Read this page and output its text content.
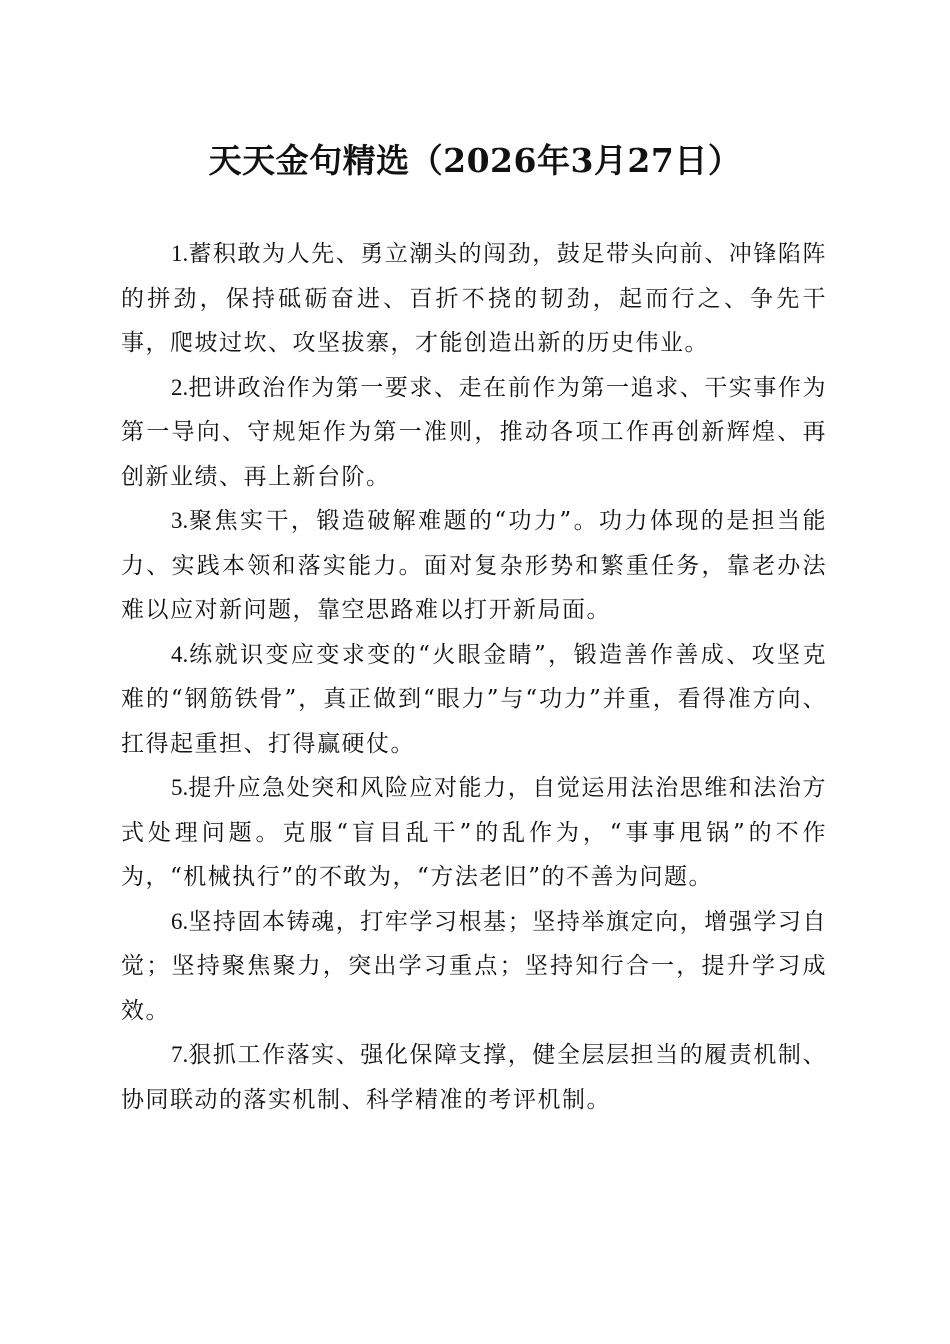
天天金句精选（2026年3月27日）

1.蓄积敢为人先、勇立潮头的闯劲，鼓足带头向前、冲锋陷阵的拼劲，保持砥砺奋进、百折不挠的韧劲，起而行之、争先干事，爬坡过坎、攻坚拔寨，才能创造出新的历史伟业。

2.把讲政治作为第一要求、走在前作为第一追求、干实事作为第一导向、守规矩作为第一准则，推动各项工作再创新辉煌、再创新业绩、再上新台阶。

3.聚焦实干，锻造破解难题的“功力”。功力体现的是担当能力、实践本领和落实能力。面对复杂形势和繁重任务，靠老办法难以应对新问题，靠空思路难以打开新局面。

4.练就识变应变求变的“火眼金睛”，锻造善作善成、攻坚克难的“钢筋铁骨”，真正做到“眼力”与“功力”并重，看得准方向、扛得起重担、打得赢硬仗。

5.提升应急处突和风险应对能力，自觉运用法治思维和法治方式处理问题。克服“盲目乱干”的乱作为，“事事甩锅”的不作为，“机械执行”的不敢为，“方法老旧”的不善为问题。

6.坚持固本铸魂，打牢学习根基；坚持举旗定向，增强学习自觉；坚持聚焦聚力，突出学习重点；坚持知行合一，提升学习成效。

7.狠抓工作落实、强化保障支撑，健全层层担当的履责机制、协同联动的落实机制、科学精准的考评机制。
